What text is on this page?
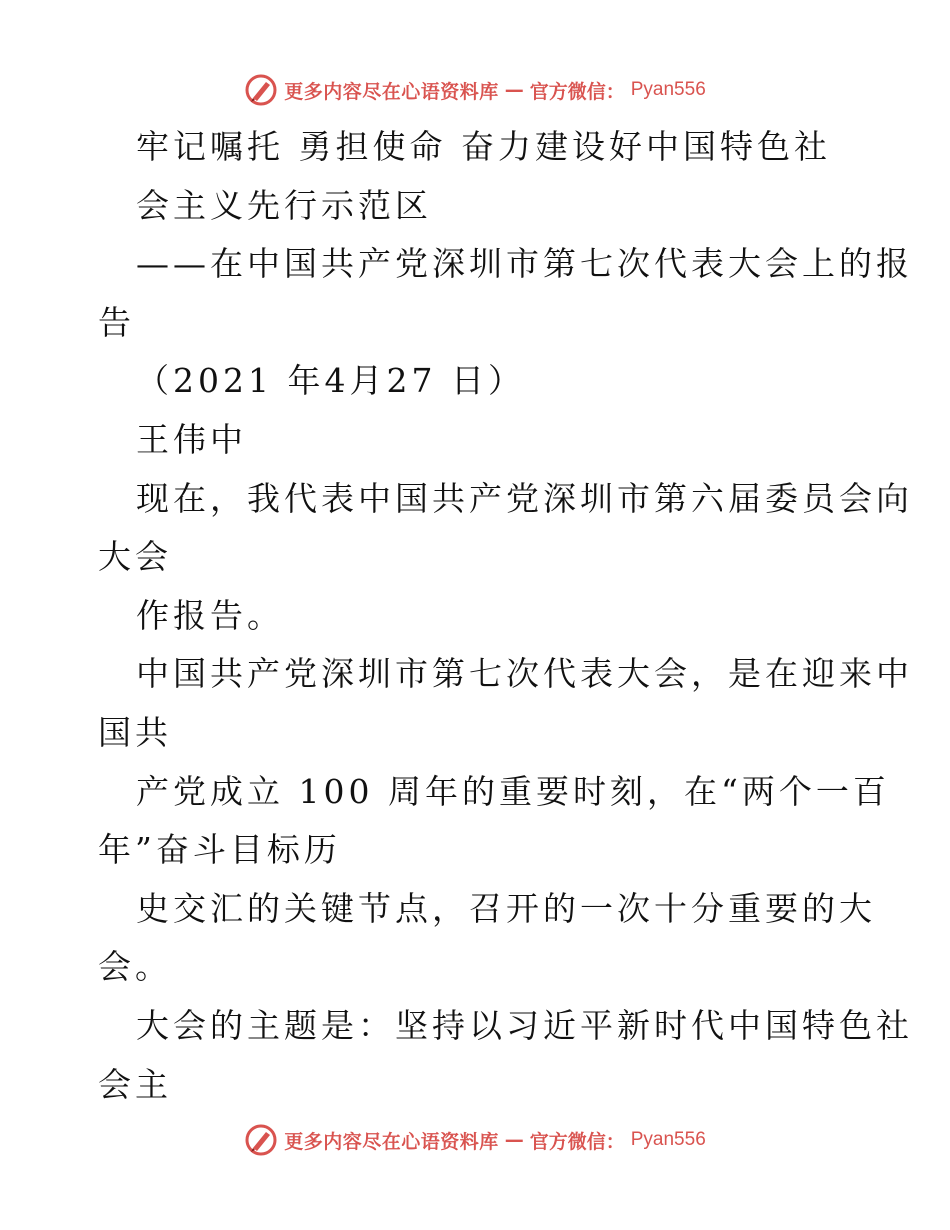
更多内容尽在心语资料库 — 官方微信： Pyan556
牢记嘱托 勇担使命 奋力建设好中国特色社
会主义先行示范区
——在中国共产党深圳市第七次代表大会上的报
告
（2021 年4月27 日）
王伟中
现在，我代表中国共产党深圳市第六届委员会向
大会
作报告。
中国共产党深圳市第七次代表大会，是在迎来中
国共
产党成立 100 周年的重要时刻，在“两个一百
年”奋斗目标历
史交汇的关键节点，召开的一次十分重要的大
会。
大会的主题是：坚持以习近平新时代中国特色社
会主
更多内容尽在心语资料库 — 官方微信： Pyan556
